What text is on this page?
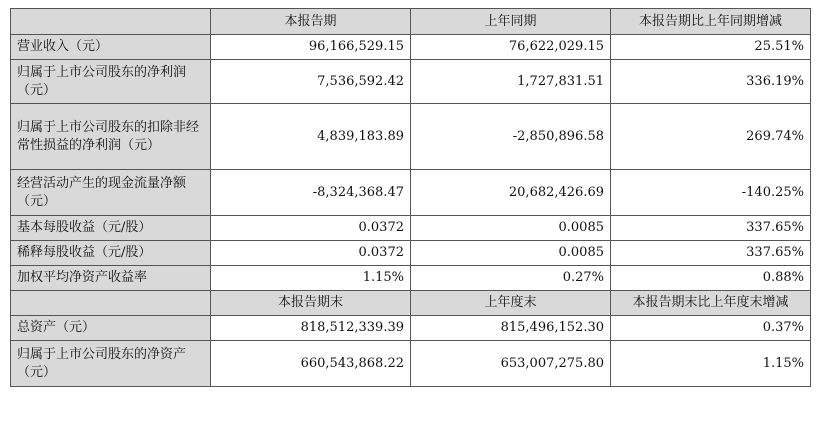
	本报告期	上年同期	本报告期比上年同期增减
营业收入（元）	96,166,529.15	76,622,029.15	25.51%
归属于上市公司股东的净利润（元）	7,536,592.42	1,727,831.51	336.19%
归属于上市公司股东的扣除非经常性损益的净利润（元）	4,839,183.89	-2,850,896.58	269.74%
经营活动产生的现金流量净额（元）	-8,324,368.47	20,682,426.69	-140.25%
基本每股收益（元/股）	0.0372	0.0085	337.65%
稀释每股收益（元/股）	0.0372	0.0085	337.65%
加权平均净资产收益率	1.15%	0.27%	0.88%
	本报告期末	上年度末	本报告期末比上年度末增减
总资产（元）	818,512,339.39	815,496,152.30	0.37%
归属于上市公司股东的净资产（元）	660,543,868.22	653,007,275.80	1.15%
